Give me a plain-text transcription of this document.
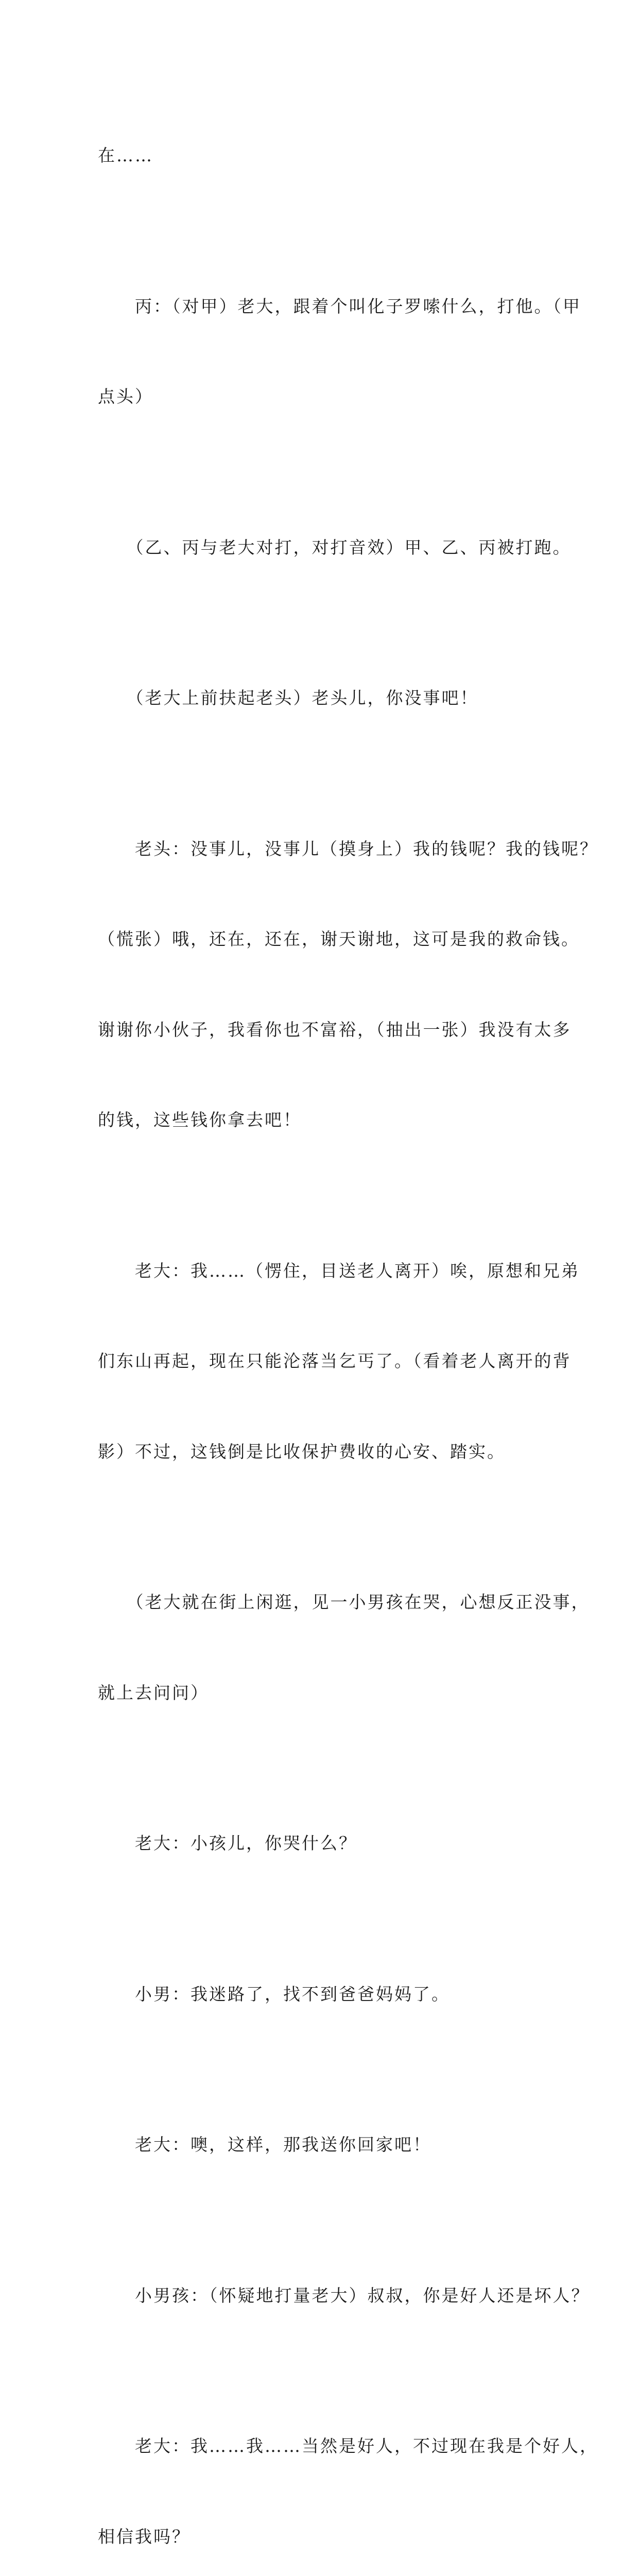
在……

　　丙：（对甲）老大，跟着个叫化子罗嗦什么，打他。（甲

点头）

　　（乙、丙与老大对打，对打音效）甲、乙、丙被打跑。

　　（老大上前扶起老头）老头儿，你没事吧！

　　老头：没事儿，没事儿（摸身上）我的钱呢？我的钱呢？

（慌张）哦，还在，还在，谢天谢地，这可是我的救命钱。

谢谢你小伙子，我看你也不富裕，（抽出一张）我没有太多

的钱，这些钱你拿去吧！

　　老大：我……（愣住，目送老人离开）唉，原想和兄弟

们东山再起，现在只能沦落当乞丐了。（看着老人离开的背

影）不过，这钱倒是比收保护费收的心安、踏实。

　　（老大就在街上闲逛，见一小男孩在哭，心想反正没事，

就上去问问）

　　老大：小孩儿，你哭什么？

　　小男：我迷路了，找不到爸爸妈妈了。

　　老大：噢，这样，那我送你回家吧！

　　小男孩：（怀疑地打量老大）叔叔，你是好人还是坏人？

　　老大：我……我……当然是好人，不过现在我是个好人，

相信我吗？
